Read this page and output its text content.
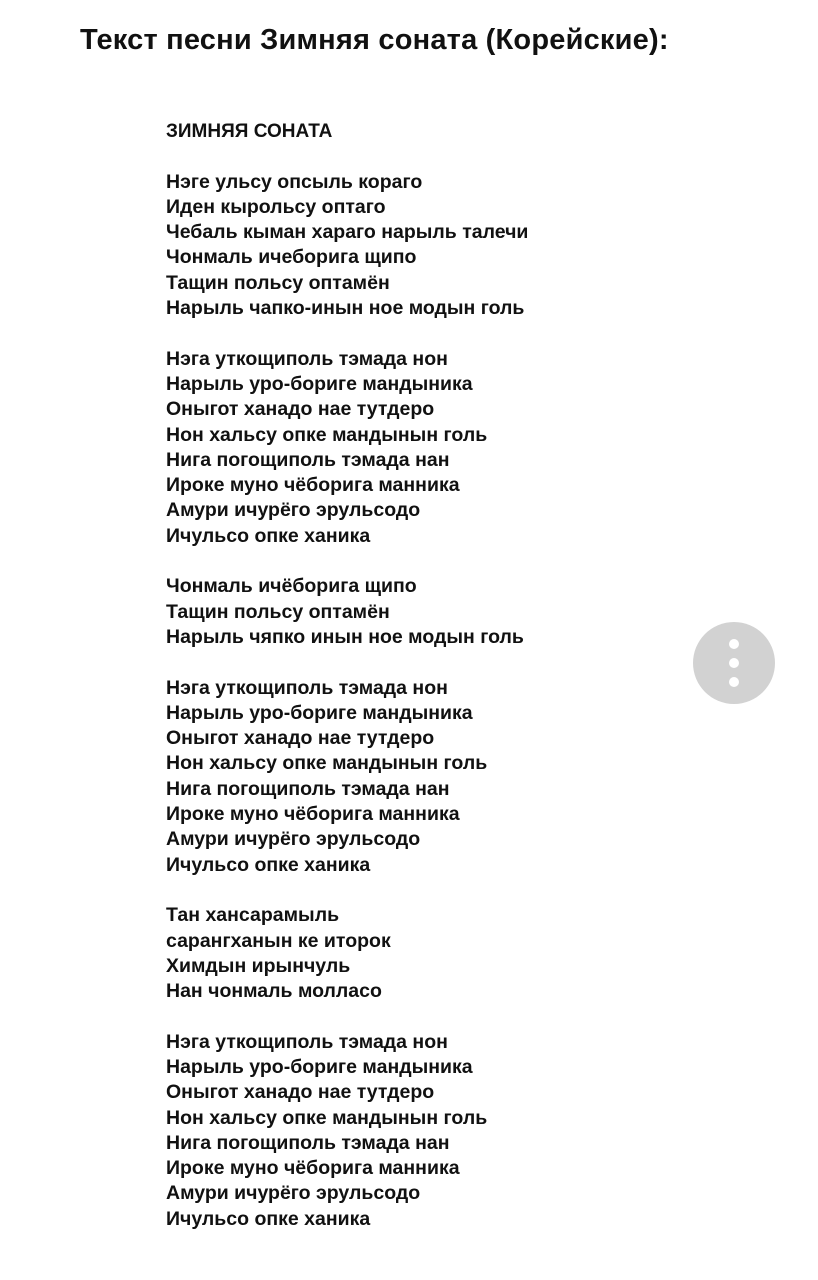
Текст песни Зимняя соната (Корейские):
ЗИМНЯЯ СОНАТА
Нэге ульсу опсыль кораго
Иден кырольсу оптаго
Чебаль кыман хараго нарыль талечи
Чонмаль ичеборига щипо
Тащин польсу оптамён
Нарыль чапко-инын ное модын голь
Нэга уткощиполь тэмада нон
Нарыль уро-бориге мандыника
Оныгот ханадо нае тутдеро
Нон хальсу опке мандынын голь
Нига погощиполь тэмада нан
Ироке муно чёборига манника
Амури ичурёго эрульсодо
Ичульсо опке ханика
Чонмаль ичёборига щипо
Тащин польсу оптамён
Нарыль чяпко инын ное модын голь
Нэга уткощиполь тэмада нон
Нарыль уро-бориге мандыника
Оныгот ханадо нае тутдеро
Нон хальсу опке мандынын голь
Нига погощиполь тэмада нан
Ироке муно чёборига манника
Амури ичурёго эрульсодо
Ичульсо опке ханика
Тан хансарамыль
сарангханын ке иторок
Химдын ирынчуль
Нан чонмаль молласо
Нэга уткощиполь тэмада нон
Нарыль уро-бориге мандыника
Оныгот ханадо нае тутдеро
Нон хальсу опке мандынын голь
Нига погощиполь тэмада нан
Ироке муно чёборига манника
Амури ичурёго эрульсодо
Ичульсо опке ханика
